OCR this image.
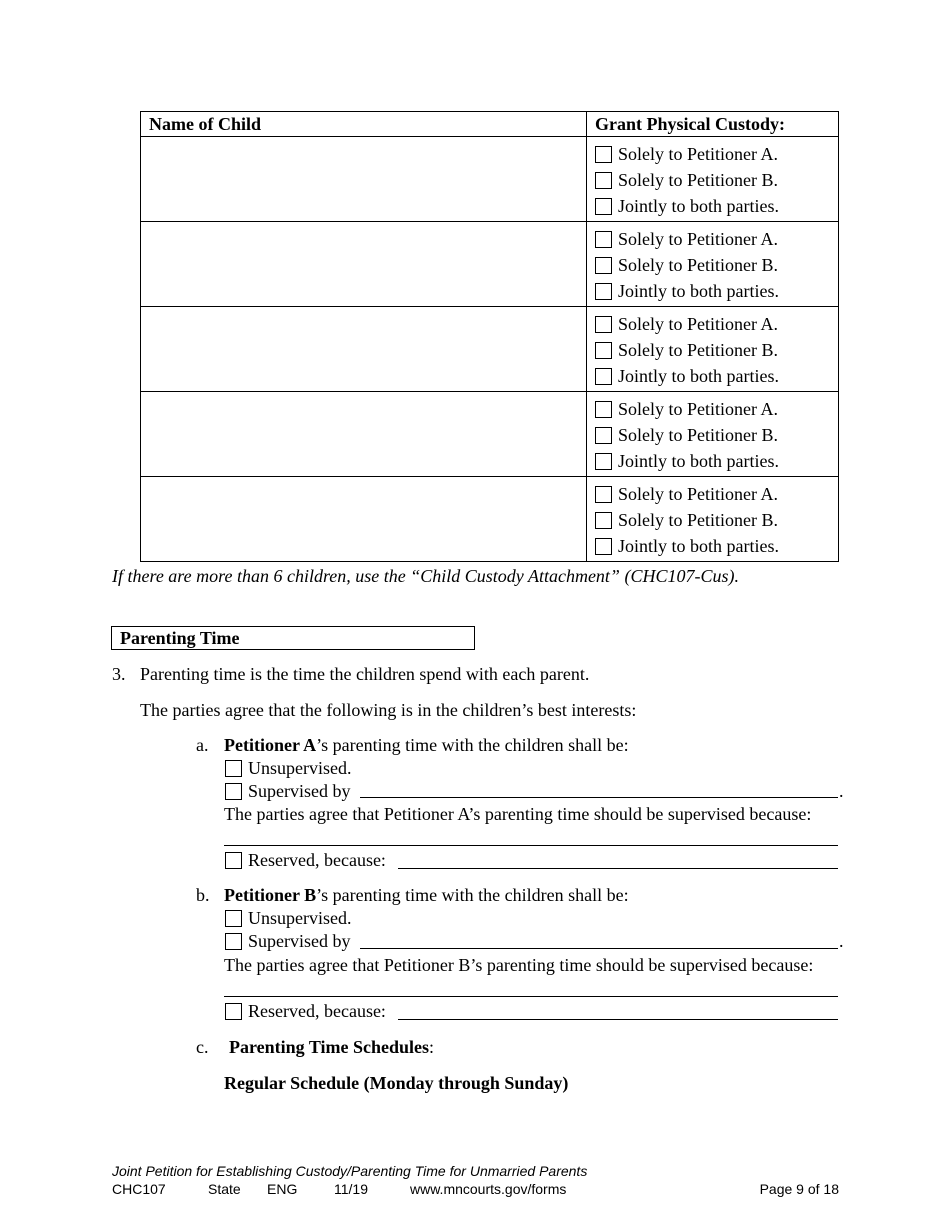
Name of Child	Grant Physical Custody:

	Solely to Petitioner A.
Solely to Petitioner B.
Jointly to both parties.

	Solely to Petitioner A.
Solely to Petitioner B.
Jointly to both parties.

	Solely to Petitioner A.
Solely to Petitioner B.
Jointly to both parties.

	Solely to Petitioner A.
Solely to Petitioner B.
Jointly to both parties.

	Solely to Petitioner A.
Solely to Petitioner B.
Jointly to both parties.
If there are more than 6 children, use the “Child Custody Attachment” (CHC107-Cus).
Parenting Time
3. Parenting time is the time the children spend with each parent.
The parties agree that the following is in the children’s best interests:
a. Petitioner A’s parenting time with the children shall be:
Unsupervised.
Supervised by	.
The parties agree that Petitioner A’s parenting time should be supervised because:
Reserved, because:
b. Petitioner B’s parenting time with the children shall be:
Unsupervised.
Supervised by	.
The parties agree that Petitioner B’s parenting time should be supervised because:
Reserved, because:
c. Parenting Time Schedules:
Regular Schedule (Monday through Sunday)
Joint Petition for Establishing Custody/Parenting Time for Unmarried Parents
CHC107	State ENG	11/19	www.mncourts.gov/forms	Page 9 of 18
